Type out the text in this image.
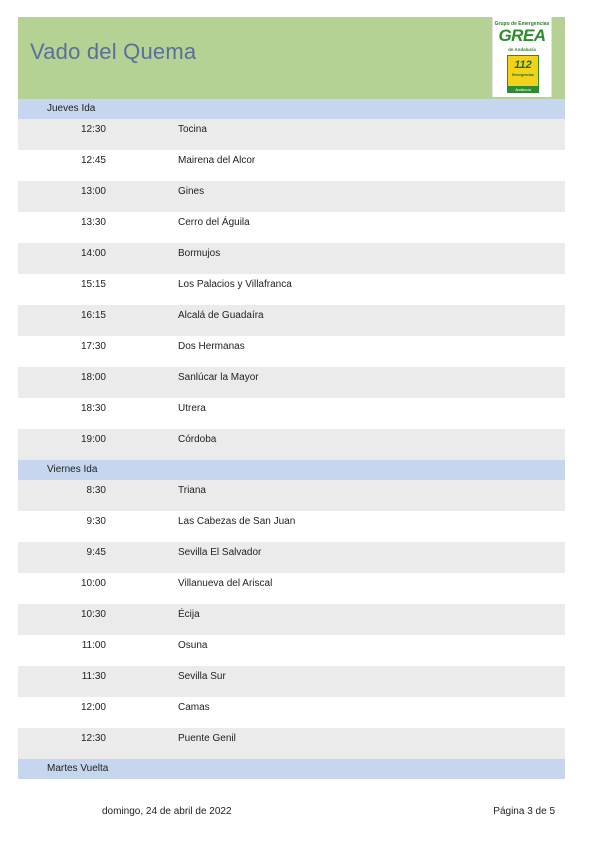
Vado del Quema
Grupo de Emergencias
GREA
de Andalucía
112
Emergencias
Andalucía
Jueves Ida
12:30	Tocina
12:45	Mairena del Alcor
13:00	Gines
13:30	Cerro del Águila
14:00	Bormujos
15:15	Los Palacios y Villafranca
16:15	Alcalá de Guadaíra
17:30	Dos Hermanas
18:00	Sanlúcar la Mayor
18:30	Utrera
19:00	Córdoba
Viernes Ida
8:30	Triana
9:30	Las Cabezas de San Juan
9:45	Sevilla El Salvador
10:00	Villanueva del Ariscal
10:30	Écija
11:00	Osuna
11:30	Sevilla Sur
12:00	Camas
12:30	Puente Genil
Martes Vuelta
domingo, 24 de abril de 2022	Página 3 de 5
